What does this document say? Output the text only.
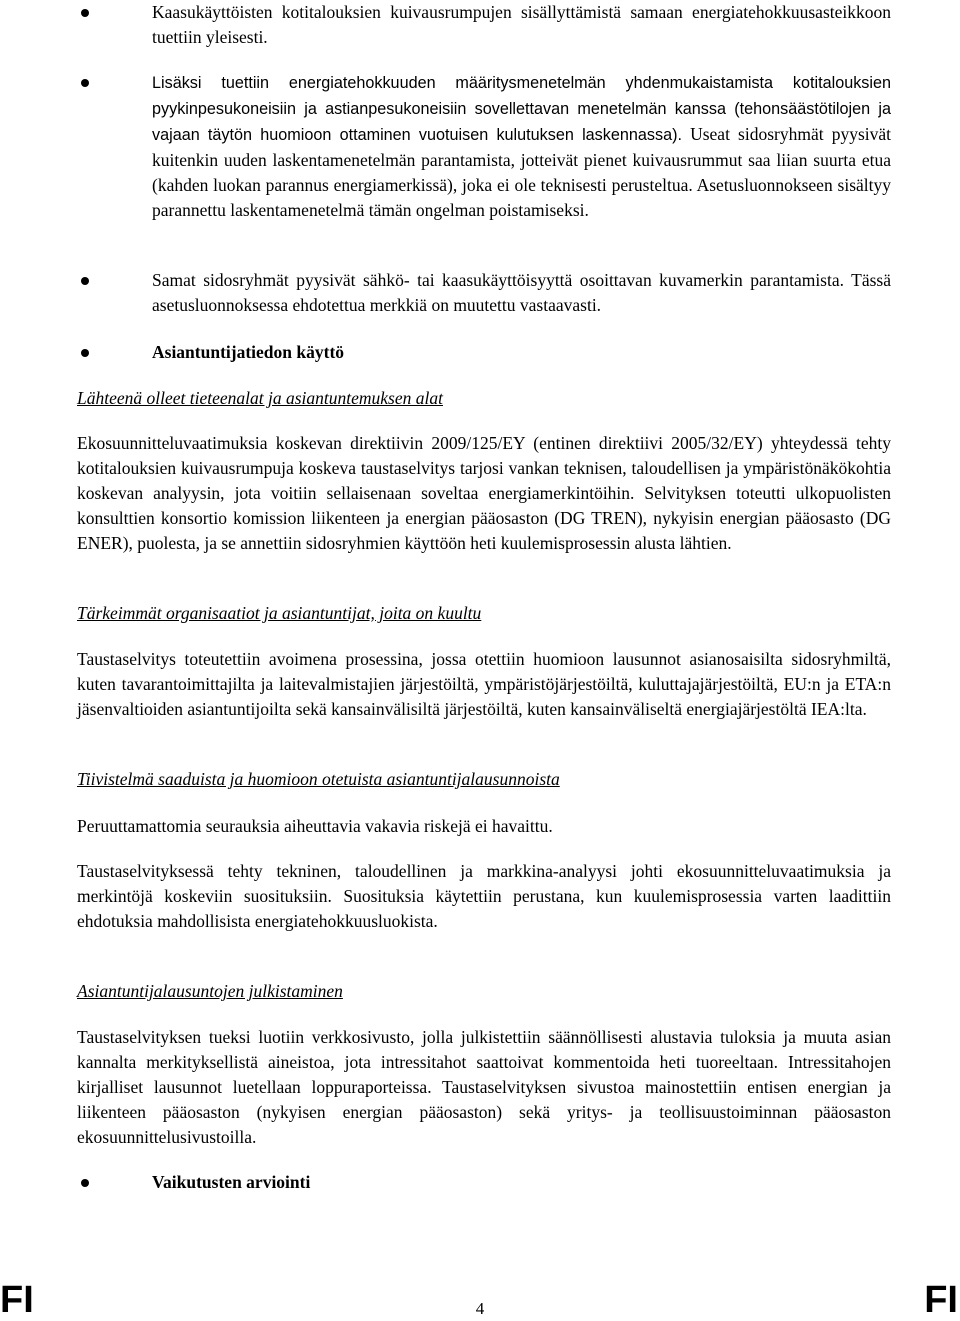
Kaasukäyttöisten kotitalouksien kuivausrumpujen sisällyttämistä samaan energiatehokkuusasteikkoon tuettiin yleisesti.
Lisäksi tuettiin energiatehokkuuden määritysmenetelmän yhdenmukaistamista kotitalouksien pyykinpesukoneisiin ja astianpesukoneisiin sovellettavan menetelmän kanssa (tehonsäästötilojen ja vajaan täytön huomioon ottaminen vuotuisen kulutuksen laskennassa). Useat sidosryhmät pyysivät kuitenkin uuden laskentamenetelmän parantamista, jotteivät pienet kuivausrummut saa liian suurta etua (kahden luokan parannus energiamerkissä), joka ei ole teknisesti perusteltua. Asetusluonnokseen sisältyy parannettu laskentamenetelmä tämän ongelman poistamiseksi.
Samat sidosryhmät pyysivät sähkö- tai kaasukäyttöisyyttä osoittavan kuvamerkin parantamista. Tässä asetusluonnoksessa ehdotettua merkkiä on muutettu vastaavasti.
Asiantuntijatiedon käyttö
Lähteenä olleet tieteenalat ja asiantuntemuksen alat
Ekosuunnitteluvaatimuksia koskevan direktiivin 2009/125/EY (entinen direktiivi 2005/32/EY) yhteydessä tehty kotitalouksien kuivausrumpuja koskeva taustaselvitys tarjosi vankan teknisen, taloudellisen ja ympäristönäkökohtia koskevan analyysin, jota voitiin sellaisenaan soveltaa energiamerkintöihin. Selvityksen toteutti ulkopuolisten konsulttien konsortio komission liikenteen ja energian pääosaston (DG TREN), nykyisin energian pääosasto (DG ENER), puolesta, ja se annettiin sidosryhmien käyttöön heti kuulemisprosessin alusta lähtien.
Tärkeimmät organisaatiot ja asiantuntijat, joita on kuultu
Taustaselvitys toteutettiin avoimena prosessina, jossa otettiin huomioon lausunnot asianosaisilta sidosryhmiltä, kuten tavarantoimittajilta ja laitevalmistajien järjestöiltä, ympäristöjärjestöiltä, kuluttajajärjestöiltä, EU:n ja ETA:n jäsenvaltioiden asiantuntijoilta sekä kansainvälisiltä järjestöiltä, kuten kansainväliseltä energiajärjestöltä IEA:lta.
Tiivistelmä saaduista ja huomioon otetuista asiantuntijalausunnoista
Peruuttamattomia seurauksia aiheuttavia vakavia riskejä ei havaittu.
Taustaselvityksessä tehty tekninen, taloudellinen ja markkina-analyysi johti ekosuunnitteluvaatimuksia ja merkintöjä koskeviin suosituksiin. Suosituksia käytettiin perustana, kun kuulemisprosessia varten laadittiin ehdotuksia mahdollisista energiatehokkuusluokista.
Asiantuntijalausuntojen julkistaminen
Taustaselvityksen tueksi luotiin verkkosivusto, jolla julkistettiin säännöllisesti alustavia tuloksia ja muuta asian kannalta merkityksellistä aineistoa, jota intressitahot saattoivat kommentoida heti tuoreeltaan. Intressitahojen kirjalliset lausunnot luetellaan loppuraporteissa. Taustaselvityksen sivustoa mainostettiin entisen energian ja liikenteen pääosaston (nykyisen energian pääosaston) sekä yritys- ja teollisuustoiminnan pääosaston ekosuunnittelusivustoilla.
Vaikutusten arviointi
FI	4	FI
